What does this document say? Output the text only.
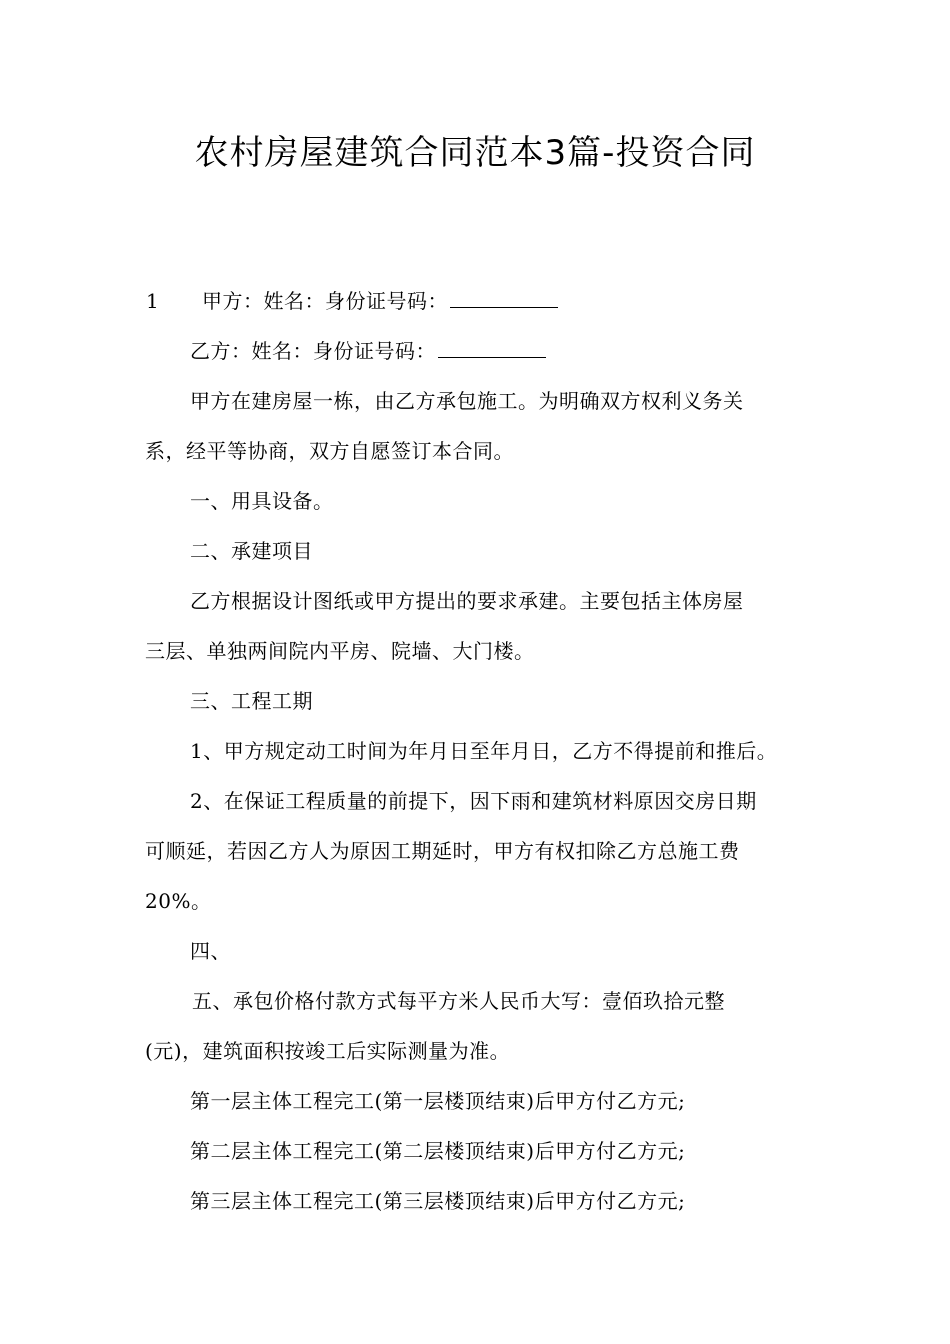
农村房屋建筑合同范本3篇-投资合同
1 甲方：姓名：身份证号码：
乙方：姓名：身份证号码：
甲方在建房屋一栋，由乙方承包施工。为明确双方权利义务关
系，经平等协商，双方自愿签订本合同。
一、用具设备。
二、承建项目
乙方根据设计图纸或甲方提出的要求承建。主要包括主体房屋
三层、单独两间院内平房、院墙、大门楼。
三、工程工期
1、甲方规定动工时间为年月日至年月日，乙方不得提前和推后。
2、在保证工程质量的前提下，因下雨和建筑材料原因交房日期
可顺延，若因乙方人为原因工期延时，甲方有权扣除乙方总施工费
20%。
四、
五、承包价格付款方式每平方米人民币大写：壹佰玖拾元整
(元)，建筑面积按竣工后实际测量为准。
第一层主体工程完工(第一层楼顶结束)后甲方付乙方元;
第二层主体工程完工(第二层楼顶结束)后甲方付乙方元;
第三层主体工程完工(第三层楼顶结束)后甲方付乙方元;
